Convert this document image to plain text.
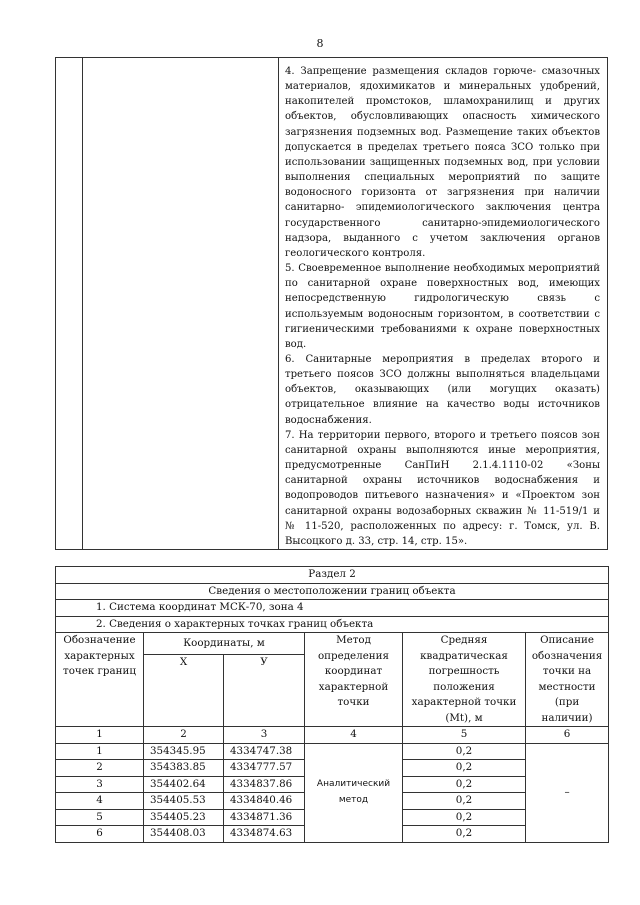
8

4. Запрещение размещения складов горюче- смазочных материалов, ядохимикатов и минеральных удобрений, накопителей промстоков, шламохранилищ и других объектов, обусловливающих опасность химического загрязнения подземных вод. Размещение таких объектов допускается в пределах третьего пояса ЗСО только при использовании защищенных подземных вод, при условии выполнения специальных мероприятий по защите водоносного горизонта от загрязнения при наличии санитарно- эпидемиологического заключения центра государственного санитарно-эпидемиологического надзора, выданного с учетом заключения органов геологического контроля.

5. Своевременное выполнение необходимых мероприятий по санитарной охране поверхностных вод, имеющих непосредственную гидрологическую связь с используемым водоносным горизонтом, в соответствии с гигиеническими требованиями к охране поверхностных вод.

6. Санитарные мероприятия в пределах второго и третьего поясов ЗСО должны выполняться владельцами объектов, оказывающих (или могущих оказать) отрицательное влияние на качество воды источников водоснабжения.

7. На территории первого, второго и третьего поясов зон санитарной охраны выполняются иные мероприятия, предусмотренные СанПиН 2.1.4.1110-02 «Зоны санитарной охраны источников водоснабжения и водопроводов питьевого назначения» и «Проектом зон санитарной охраны водозаборных скважин № 11-519/1 и № 11-520, расположенных по адресу: г. Томск, ул. В. Высоцкого д. 33, стр. 14, стр. 15».

Раздел 2					
Сведения о местоположении границ объекта					
1. Система координат МСК-70, зона 4					
2. Сведения о характерных точках границ объекта					
Обозначение характерных точек границ	Координаты, м		Метод определения координат характерной точки	Средняя квадратическая погрешность положения характерной точки (Mt), м	Описание обозначения точки на местности (при наличии)
	X	У			
1	2	3	4	5	6
1	354345.95	4334747.38	Аналитический метод	0,2	–
2	354383.85	4334777.57		0,2	
3	354402.64	4334837.86		0,2	
4	354405.53	4334840.46		0,2	
5	354405.23	4334871.36		0,2	
6	354408.03	4334874.63		0,2	
